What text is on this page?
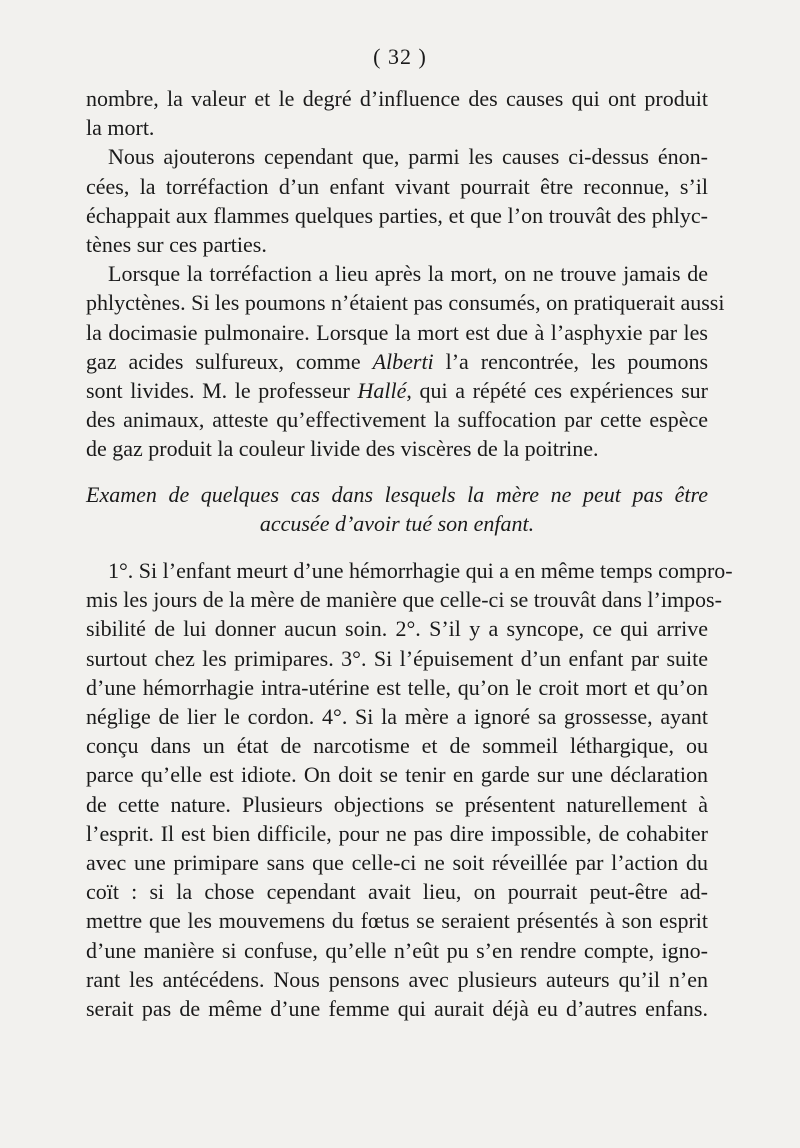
( 32 )
nombre, la valeur et le degré d’influence des causes qui ont produit
la mort.
Nous ajouterons cependant que, parmi les causes ci-dessus énon-
cées, la torréfaction d’un enfant vivant pourrait être reconnue, s’il
échappait aux flammes quelques parties, et que l’on trouvât des phlyc-
tènes sur ces parties.
Lorsque la torréfaction a lieu après la mort, on ne trouve jamais de
phlyctènes. Si les poumons n’étaient pas consumés, on pratiquerait aussi
la docimasie pulmonaire. Lorsque la mort est due à l’asphyxie par les
gaz acides sulfureux, comme Alberti l’a rencontrée, les poumons
sont livides. M. le professeur Hallé, qui a répété ces expériences sur
des animaux, atteste qu’effectivement la suffocation par cette espèce
de gaz produit la couleur livide des viscères de la poitrine.
Examen de quelques cas dans lesquels la mère ne peut pas être
accusée d’avoir tué son enfant.
1°. Si l’enfant meurt d’une hémorrhagie qui a en même temps compro-
mis les jours de la mère de manière que celle-ci se trouvât dans l’impos-
sibilité de lui donner aucun soin. 2°. S’il y a syncope, ce qui arrive
surtout chez les primipares. 3°. Si l’épuisement d’un enfant par suite
d’une hémorrhagie intra-utérine est telle, qu’on le croit mort et qu’on
néglige de lier le cordon. 4°. Si la mère a ignoré sa grossesse, ayant
conçu dans un état de narcotisme et de sommeil léthargique, ou
parce qu’elle est idiote. On doit se tenir en garde sur une déclaration
de cette nature. Plusieurs objections se présentent naturellement à
l’esprit. Il est bien difficile, pour ne pas dire impossible, de cohabiter
avec une primipare sans que celle-ci ne soit réveillée par l’action du
coït : si la chose cependant avait lieu, on pourrait peut-être ad-
mettre que les mouvemens du fœtus se seraient présentés à son esprit
d’une manière si confuse, qu’elle n’eût pu s’en rendre compte, igno-
rant les antécédens. Nous pensons avec plusieurs auteurs qu’il n’en
serait pas de même d’une femme qui aurait déjà eu d’autres enfans.
